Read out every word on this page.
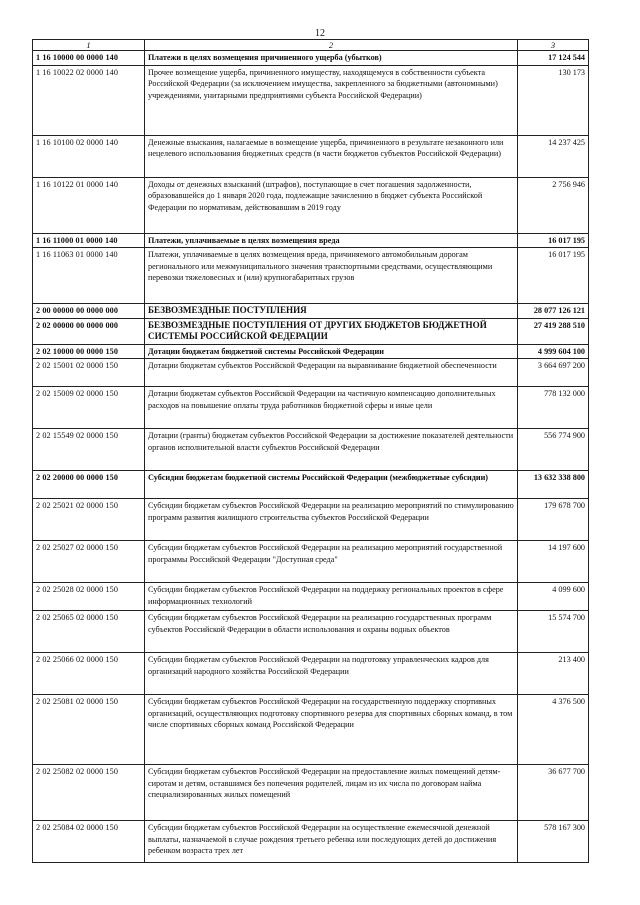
12
1	2	3
1 16 10000 00 0000 140	Платежи в целях возмещения причиненного ущерба (убытков)	17 124 544
1 16 10022 02 0000 140	Прочее возмещение ущерба, причиненного имуществу, находящемуся в собственности субъекта Российской Федерации (за исключением имущества, закрепленного за бюджетными (автономными) учреждениями, унитарными предприятиями субъекта Российской Федерации)	130 173
1 16 10100 02 0000 140	Денежные взыскания, налагаемые в возмещение ущерба, причиненного в результате незаконного или нецелевого использования бюджетных средств (в части бюджетов субъектов Российской Федерации)	14 237 425
1 16 10122 01 0000 140	Доходы от денежных взысканий (штрафов), поступающие в счет погашения задолженности, образовавшейся до 1 января 2020 года, подлежащие зачислению в бюджет субъекта Российской Федерации по нормативам, действовавшим в 2019 году	2 756 946
1 16 11000 01 0000 140	Платежи, уплачиваемые в целях возмещения вреда	16 017 195
1 16 11063 01 0000 140	Платежи, уплачиваемые в целях возмещения вреда, причиняемого автомобильным дорогам регионального или межмуниципального значения транспортными средствами, осуществляющими перевозки тяжеловесных и (или) крупногабаритных грузов	16 017 195
2 00 00000 00 0000 000	БЕЗВОЗМЕЗДНЫЕ ПОСТУПЛЕНИЯ	28 077 126 121
2 02 00000 00 0000 000	БЕЗВОЗМЕЗДНЫЕ ПОСТУПЛЕНИЯ ОТ ДРУГИХ БЮДЖЕТОВ БЮДЖЕТНОЙ СИСТЕМЫ РОССИЙСКОЙ ФЕДЕРАЦИИ	27 419 288 510
2 02 10000 00 0000 150	Дотации бюджетам бюджетной системы Российской Федерации	4 999 604 100
2 02 15001 02 0000 150	Дотации бюджетам субъектов Российской Федерации на выравнивание бюджетной обеспеченности	3 664 697 200
2 02 15009 02 0000 150	Дотации бюджетам субъектов Российской Федерации на частичную компенсацию дополнительных расходов на повышение оплаты труда работников бюджетной сферы и иные цели	778 132 000
2 02 15549 02 0000 150	Дотации (гранты) бюджетам субъектов Российской Федерации за достижение показателей деятельности органов исполнительной власти субъектов Российской Федерации	556 774 900
2 02 20000 00 0000 150	Субсидии бюджетам бюджетной системы Российской Федерации (межбюджетные субсидии)	13 632 338 800
2 02 25021 02 0000 150	Субсидии бюджетам субъектов Российской Федерации на реализацию мероприятий по стимулированию программ развития жилищного строительства субъектов Российской Федерации	179 678 700
2 02 25027 02 0000 150	Субсидии бюджетам субъектов Российской Федерации на реализацию мероприятий государственной программы Российской Федерации "Доступная среда"	14 197 600
2 02 25028 02 0000 150	Субсидии бюджетам субъектов Российской Федерации на поддержку региональных проектов в сфере информационных технологий	4 099 600
2 02 25065 02 0000 150	Субсидии бюджетам субъектов Российской Федерации на реализацию государственных программ субъектов Российской Федерации в области использования и охраны водных объектов	15 574 700
2 02 25066 02 0000 150	Субсидии бюджетам субъектов Российской Федерации на подготовку управленческих кадров для организаций народного хозяйства Российской Федерации	213 400
2 02 25081 02 0000 150	Субсидии бюджетам субъектов Российской Федерации на государственную поддержку спортивных организаций, осуществляющих подготовку спортивного резерва для спортивных сборных команд, в том числе спортивных сборных команд Российской Федерации	4 376 500
2 02 25082 02 0000 150	Субсидии бюджетам субъектов Российской Федерации на предоставление жилых помещений детям-сиротам и детям, оставшимся без попечения родителей, лицам из их числа по договорам найма специализированных жилых помещений	36 677 700
2 02 25084 02 0000 150	Субсидии бюджетам субъектов Российской Федерации на осуществление ежемесячной денежной выплаты, назначаемой в случае рождения третьего ребенка или последующих детей до достижения ребенком возраста трех лет	578 167 300
